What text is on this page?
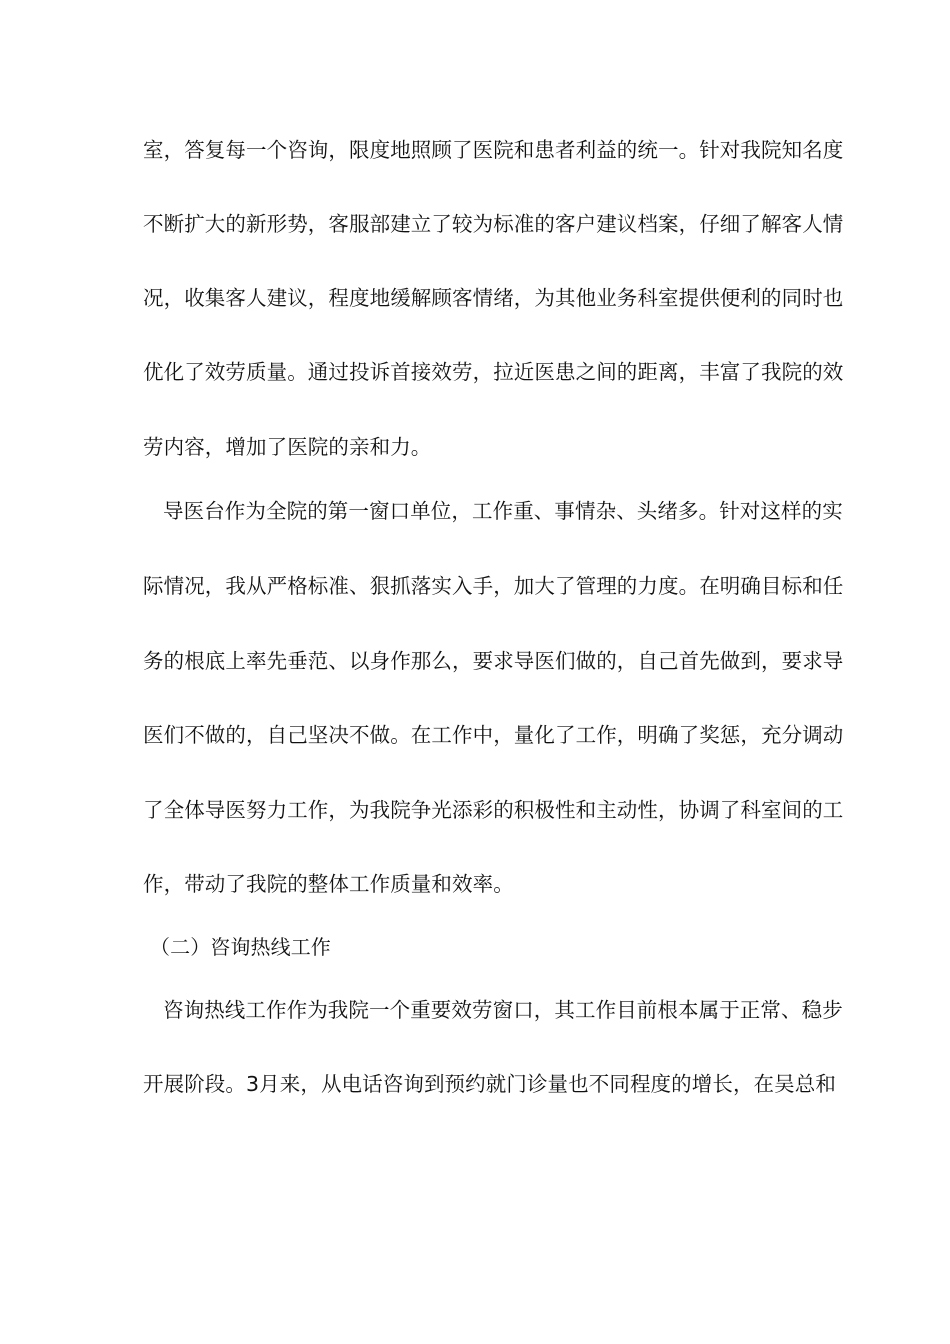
室，答复每一个咨询，限度地照顾了医院和患者利益的统一。针对我院知名度
不断扩大的新形势，客服部建立了较为标准的客户建议档案，仔细了解客人情
况，收集客人建议，程度地缓解顾客情绪，为其他业务科室提供便利的同时也
优化了效劳质量。通过投诉首接效劳，拉近医患之间的距离，丰富了我院的效
劳内容，增加了医院的亲和力。
导医台作为全院的第一窗口单位，工作重、事情杂、头绪多。针对这样的实
际情况，我从严格标准、狠抓落实入手，加大了管理的力度。在明确目标和任
务的根底上率先垂范、以身作那么，要求导医们做的，自己首先做到，要求导
医们不做的，自己坚决不做。在工作中，量化了工作，明确了奖惩，充分调动
了全体导医努力工作，为我院争光添彩的积极性和主动性，协调了科室间的工
作，带动了我院的整体工作质量和效率。
（二）咨询热线工作
咨询热线工作作为我院一个重要效劳窗口，其工作目前根本属于正常、稳步
开展阶段。3月来，从电话咨询到预约就门诊量也不同程度的增长，在吴总和
